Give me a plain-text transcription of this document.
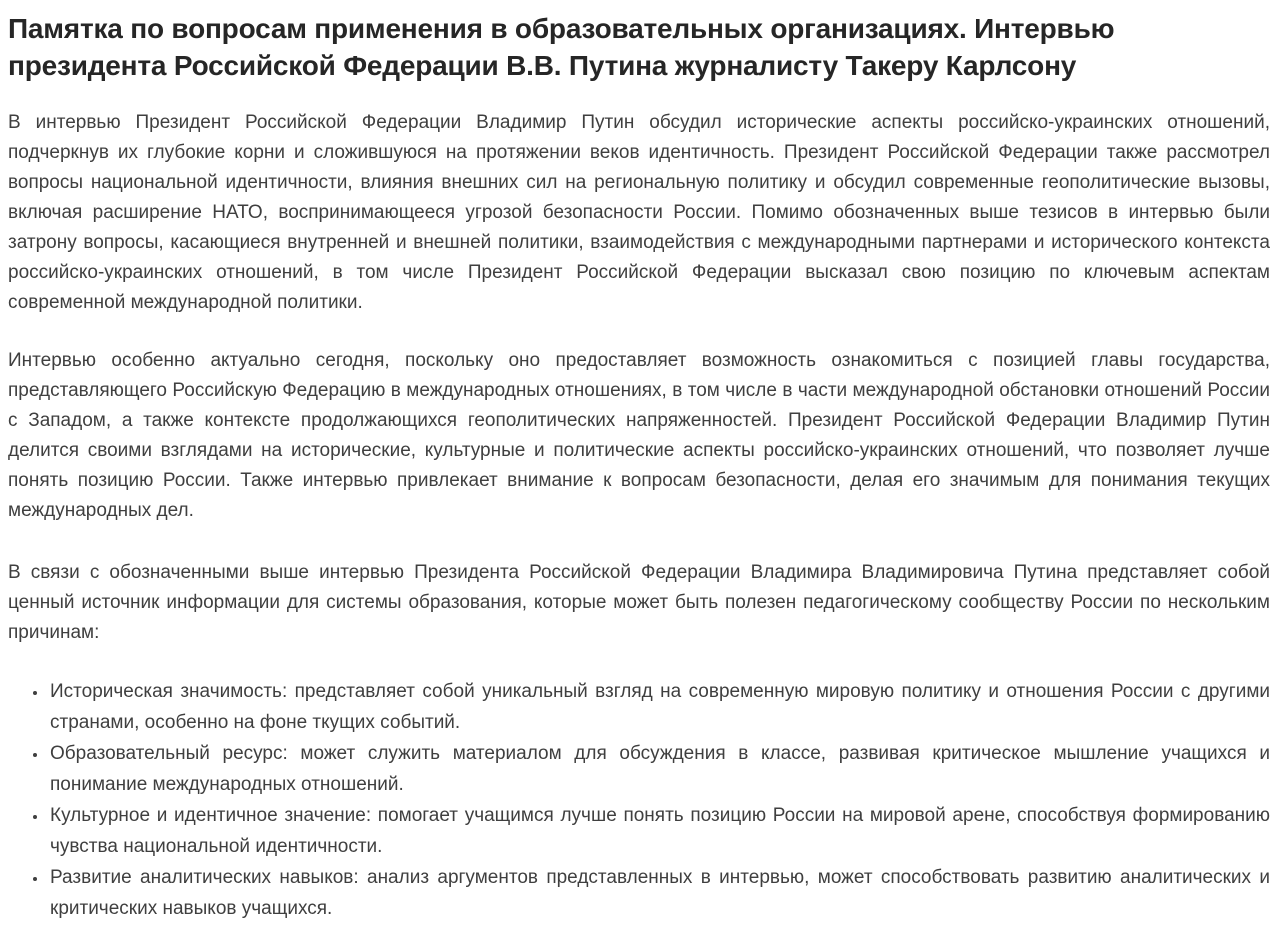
Памятка по вопросам применения в образовательных организациях. Интервью президента Российской Федерации В.В. Путина журналисту Такеру Карлсону

В интервью Президент Российской Федерации Владимир Путин обсудил исторические аспекты российско-украинских отношений, подчеркнув их глубокие корни и сложившуюся на протяжении веков идентичность. Президент Российской Федерации также рассмотрел вопросы национальной идентичности, влияния внешних сил на региональную политику и обсудил современные геополитические вызовы, включая расширение НАТО, воспринимающееся угрозой безопасности России. Помимо обозначенных выше тезисов в интервью были затрону вопросы, касающиеся внутренней и внешней политики, взаимодействия с международными партнерами и исторического контекста российско-украинских отношений, в том числе Президент Российской Федерации высказал свою позицию по ключевым аспектам современной международной политики.

Интервью особенно актуально сегодня, поскольку оно предоставляет возможность ознакомиться с позицией главы государства, представляющего Российскую Федерацию в международных отношениях, в том числе в части международной обстановки отношений России с Западом, а также контексте продолжающихся геополитических напряженностей. Президент Российской Федерации Владимир Путин делится своими взглядами на исторические, культурные и политические аспекты российско-украинских отношений, что позволяет лучше понять позицию России. Также интервью привлекает внимание к вопросам безопасности, делая его значимым для понимания текущих международных дел.

В связи с обозначенными выше интервью Президента Российской Федерации Владимира Владимировича Путина представляет собой ценный источник информации для системы образования, которые может быть полезен педагогическому сообществу России по нескольким причинам:

• Историческая значимость: представляет собой уникальный взгляд на современную мировую политику и отношения России с другими странами, особенно на фоне ткущих событий.
• Образовательный ресурс: может служить материалом для обсуждения в классе, развивая критическое мышление учащихся и понимание международных отношений.
• Культурное и идентичное значение: помогает учащимся лучше понять позицию России на мировой арене, способствуя формированию чувства национальной идентичности.
• Развитие аналитических навыков: анализ аргументов представленных в интервью, может способствовать развитию аналитических и критических навыков учащихся.
